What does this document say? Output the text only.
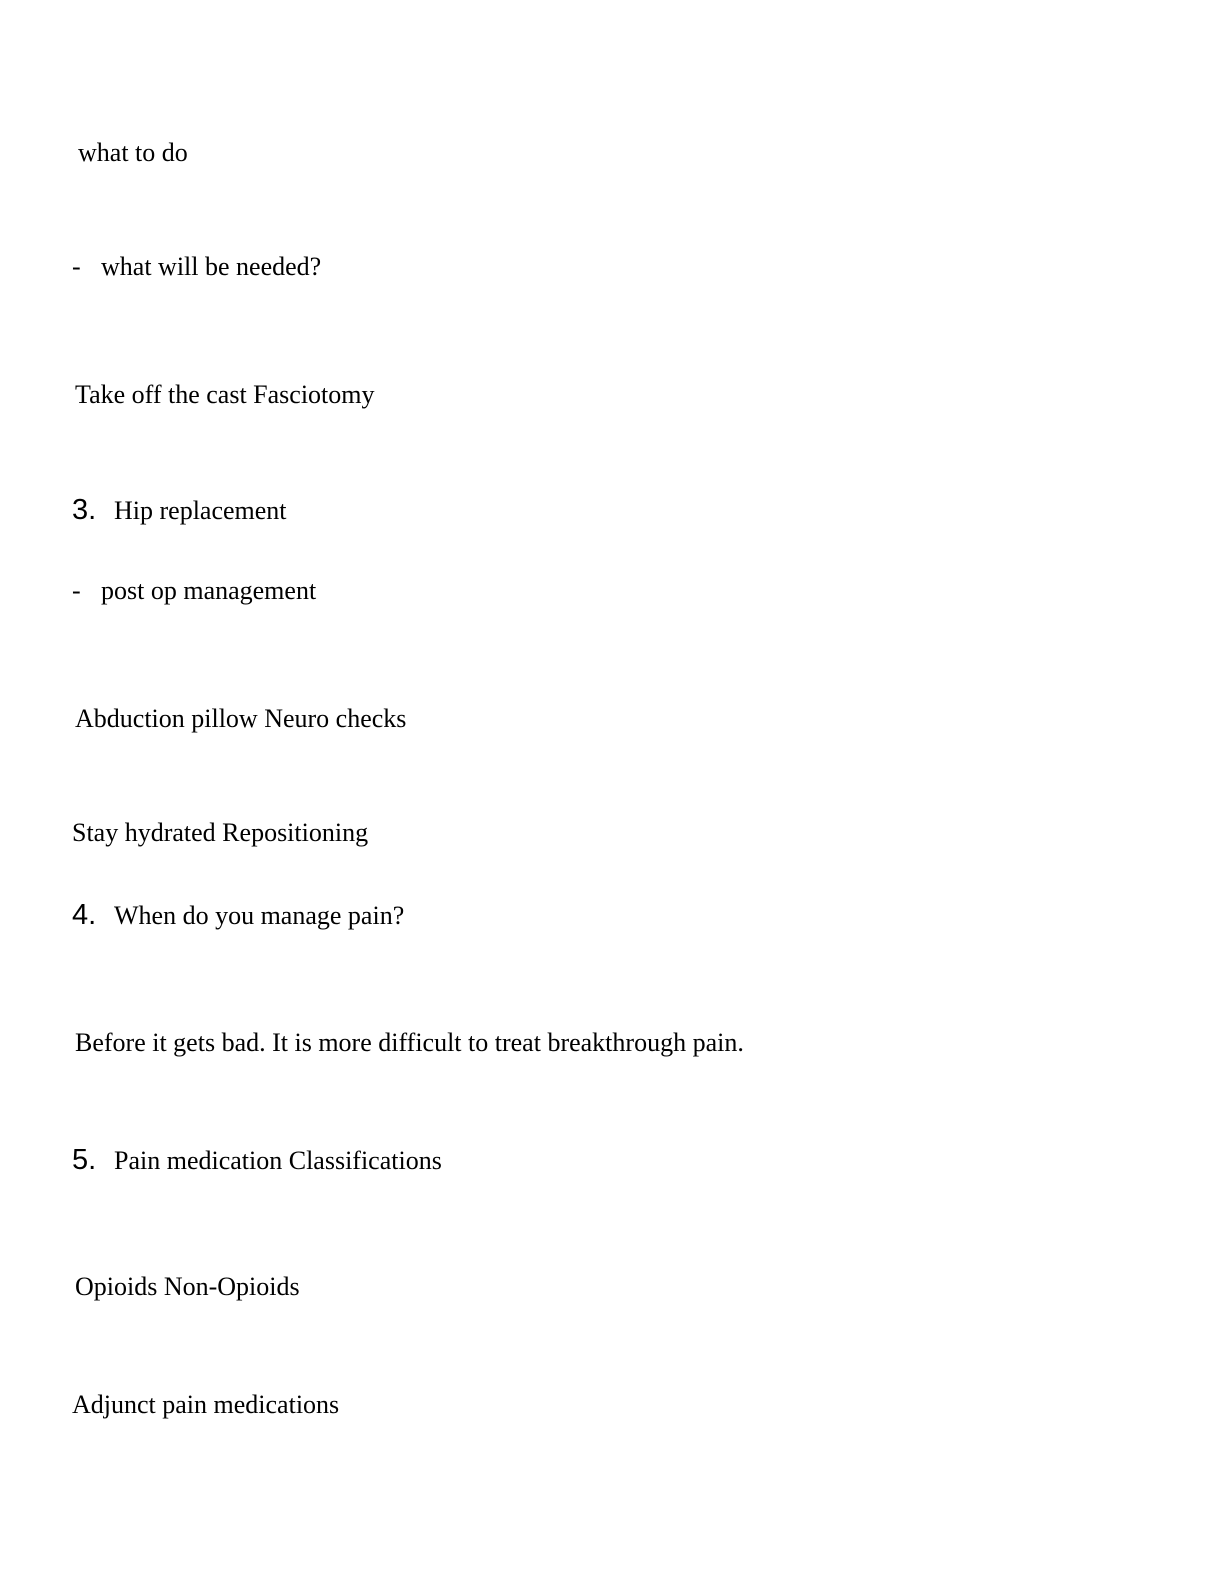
what to do
- what will be needed?
Take off the cast Fasciotomy
3. Hip replacement
- post op management
Abduction pillow Neuro checks
Stay hydrated Repositioning
4. When do you manage pain?
Before it gets bad. It is more difficult to treat breakthrough pain.
5. Pain medication Classifications
Opioids Non-Opioids
Adjunct pain medications
